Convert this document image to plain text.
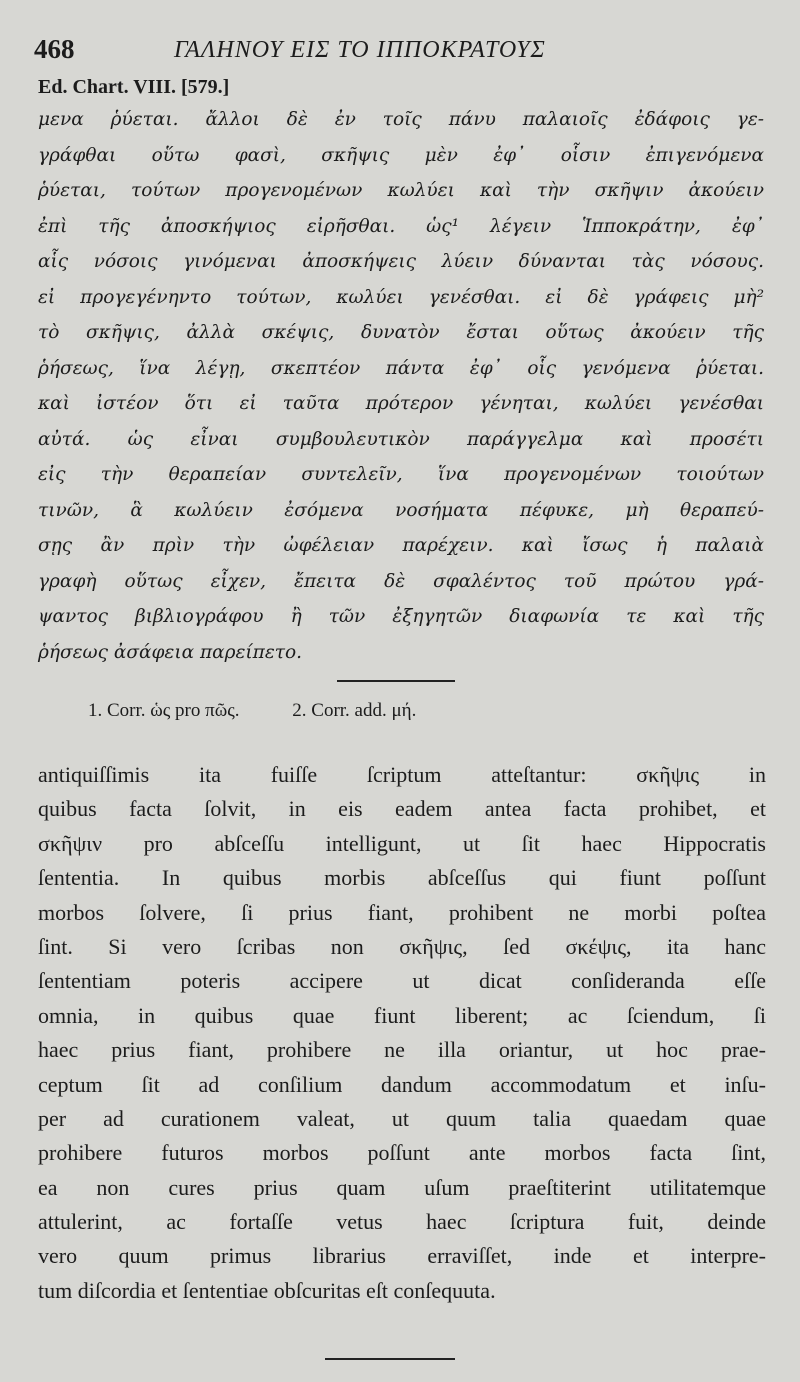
468	ΓΑΛΗΝΟΥ ΕΙΣ ΤΟ ΙΠΠΟΚΡΑΤΟΥΣ
Ed. Chart. VIII. [579.]
μενα ῥύεται. ἄλλοι δὲ ἐν τοῖς πάνυ παλαιοῖς ἐδάφοις γε-
γράφθαι οὕτω φασὶ, σκῆψις μὲν ἐφ᾽ οἷσιν ἐπιγενόμενα
ῥύεται, τούτων προγενομένων κωλύει καὶ τὴν σκῆψιν ἀκούειν
ἐπὶ τῆς ἀποσκήψιος εἰρῆσθαι. ὡς¹ λέγειν Ἱπποκράτην, ἐφ᾽
αἷς νόσοις γινόμεναι ἀποσκήψεις λύειν δύνανται τὰς νόσους.
εἰ προγεγένηντο τούτων, κωλύει γενέσθαι. εἰ δὲ γράφεις μὴ²
τὸ σκῆψις, ἀλλὰ σκέψις, δυνατὸν ἔσται οὕτως ἀκούειν τῆς
ῥήσεως, ἵνα λέγῃ, σκεπτέον πάντα ἐφ᾽ οἷς γενόμενα ῥύεται.
καὶ ἰστέον ὅτι εἰ ταῦτα πρότερον γένηται, κωλύει γενέσθαι
αὐτά. ὡς εἶναι συμβουλευτικὸν παράγγελμα καὶ προσέτι
εἰς τὴν θεραπείαν συντελεῖν, ἵνα προγενομένων τοιούτων
τινῶν, ἃ κωλύειν ἐσόμενα νοσήματα πέφυκε, μὴ θεραπεύ-
σῃς ἂν πρὶν τὴν ὠφέλειαν παρέχειν. καὶ ἴσως ἡ παλαιὰ
γραφὴ οὕτως εἶχεν, ἔπειτα δὲ σφαλέντος τοῦ πρώτου γρά-
ψαντος βιβλιογράφου ἢ τῶν ἐξηγητῶν διαφωνία τε καὶ τῆς
ῥήσεως ἀσάφεια παρείπετο.
1. Corr. ὡς pro πῶς.	2. Corr. add. μή.
antiquiſſimis ita fuiſſe ſcriptum atteſtantur: σκῆψις in
quibus facta ſolvit, in eis eadem antea facta prohibet, et
σκῆψιν pro abſceſſu intelligunt, ut ſit haec Hippocratis
ſententia. In quibus morbis abſceſſus qui fiunt poſſunt
morbos ſolvere, ſi prius fiant, prohibent ne morbi poſtea
ſint. Si vero ſcribas non σκῆψις, ſed σκέψις, ita hanc
ſententiam poteris accipere ut dicat conſideranda eſſe
omnia, in quibus quae fiunt liberent; ac ſciendum, ſi
haec prius fiant, prohibere ne illa oriantur, ut hoc prae-
ceptum ſit ad conſilium dandum accommodatum et inſu-
per ad curationem valeat, ut quum talia quaedam quae
prohibere futuros morbos poſſunt ante morbos facta ſint,
ea non cures prius quam uſum praeſtiterint utilitatemque
attulerint, ac fortaſſe vetus haec ſcriptura fuit, deinde
vero quum primus librarius erraviſſet, inde et interpre-
tum diſcordia et ſententiae obſcuritas eſt conſequuta.
